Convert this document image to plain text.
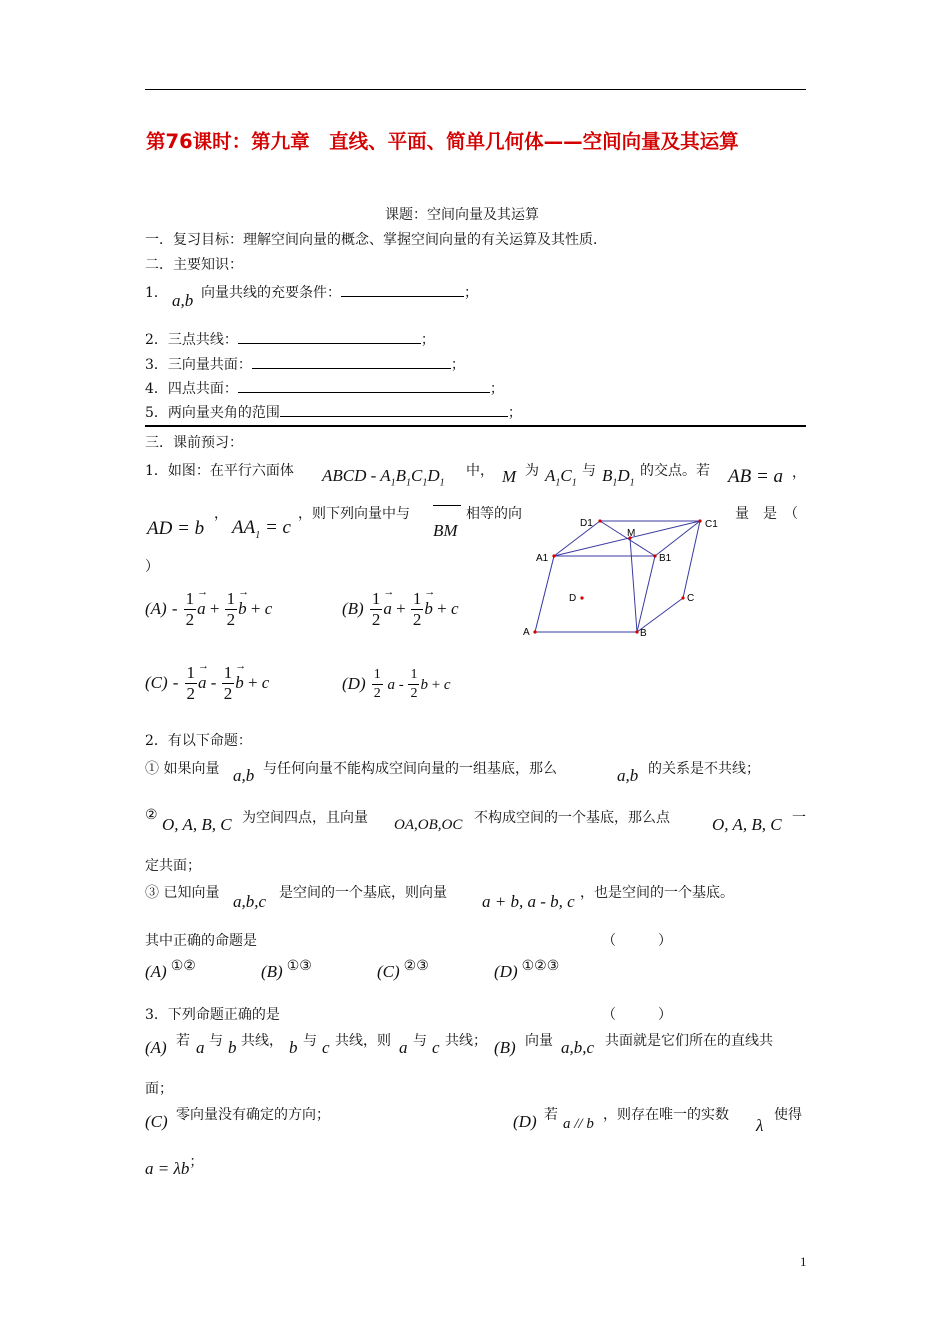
第76课时：第九章　直线、平面、简单几何体——空间向量及其运算
课题：空间向量及其运算
一．复习目标：理解空间向量的概念、掌握空间向量的有关运算及其性质．
二．主要知识：
1． a,b 向量共线的充要条件：	；
2．三点共线：	；
3．三向量共面：	；
4．四点共面：	；
5．两向量夹角的范围	；
三．课前预习：
1．如图：在平行六面体 ABCD - $A_1B_1C_1D_1$
中， M 为 $A_1C_1$
与 $B_1D_1$
的交点。若 AB = a ，
AD = b
，
$AA_1 = c$
，则下列向量中与
BM
相等的向	量　是　（
）
$(A) - \frac{1}{2}$
→ $a + \frac{1}{2}$
→ b + c	$(B) \frac{1}{2}$
→ $a + \frac{1}{2}$
→ b + c
$(C) - \frac{1}{2}$
→ a - $\frac{1}{2}$
→ b + c	$(D) \frac{1}{2}$ a - $\frac{1}{2}$ b + c
D1
M
C1
A1	B1
D	C
A	B
2．有以下命题：
① 如果向量 a,b 与任何向量不能构成空间向量的一组基底，那么	a,b 的关系是不共线；
② O, A, B, C 为空间四点，且向量 OA,OB,OC 不构成空间的一个基底，那么点 O, A, B, C 一
定共面；
③ 已知向量 a,b,c 是空间的一个基底，则向量 a + b, a - b, c ，也是空间的一个基底。
其中正确的命题是	（　　　）
(A) ①②	(B) ①③	(C) ②③	(D) ①②③
3．下列命题正确的是	（　　　）
(A) 若 a 与 b 共线， b 与 c 共线，则 a 与 c 共线； (B) 向量 a,b,c 共面就是它们所在的直线共
面；
(C) 零向量没有确定的方向；	(D) 若
a // b
，则存在唯一的实数
λ
使得
a = λb；
1
